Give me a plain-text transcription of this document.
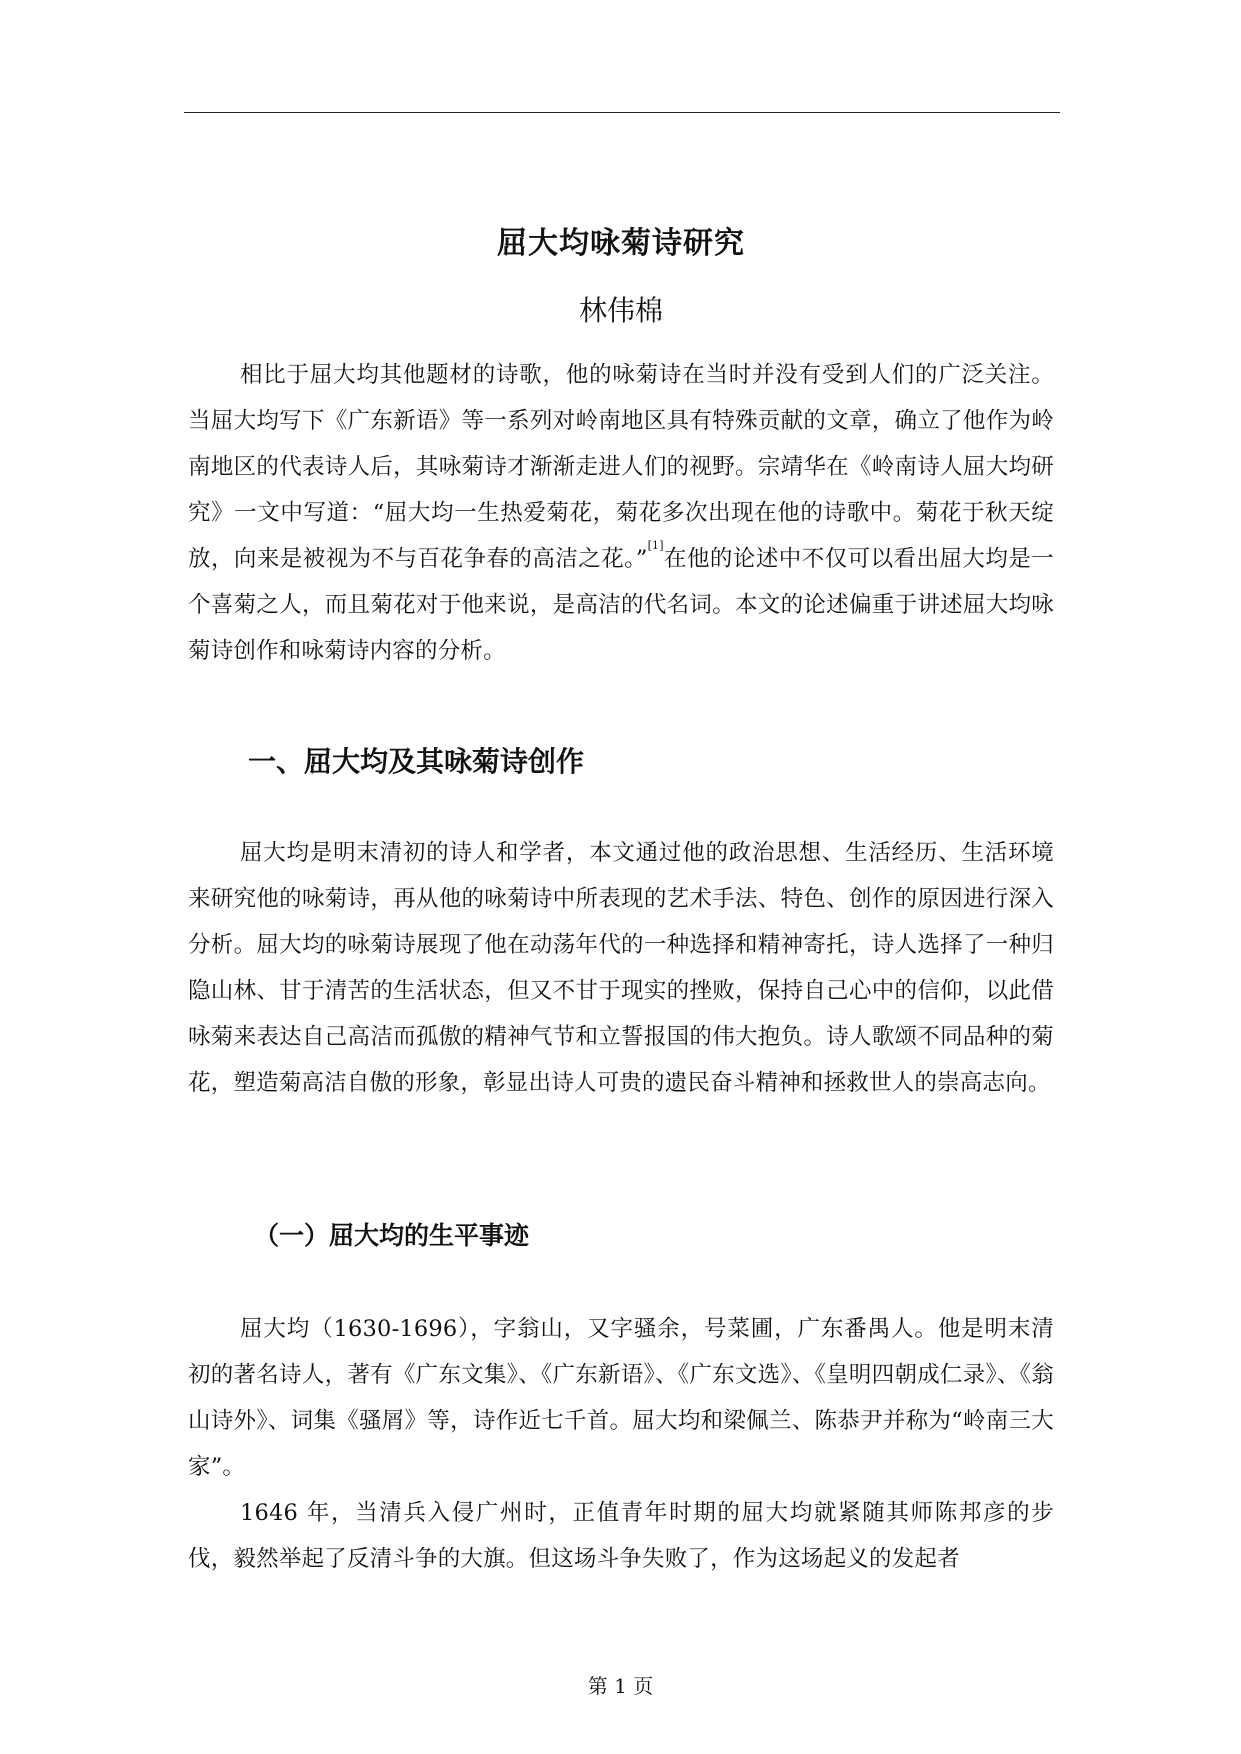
屈大均咏菊诗研究
林伟棉

相比于屈大均其他题材的诗歌，他的咏菊诗在当时并没有受到人们的广泛关注。当屈大均写下《广东新语》等一系列对岭南地区具有特殊贡献的文章，确立了他作为岭南地区的代表诗人后，其咏菊诗才渐渐走进人们的视野。宗靖华在《岭南诗人屈大均研究》一文中写道：“屈大均一生热爱菊花，菊花多次出现在他的诗歌中。菊花于秋天绽放，向来是被视为不与百花争春的高洁之花。”[1]在他的论述中不仅可以看出屈大均是一个喜菊之人，而且菊花对于他来说，是高洁的代名词。本文的论述偏重于讲述屈大均咏菊诗创作和咏菊诗内容的分析。

一、屈大均及其咏菊诗创作

屈大均是明末清初的诗人和学者，本文通过他的政治思想、生活经历、生活环境来研究他的咏菊诗，再从他的咏菊诗中所表现的艺术手法、特色、创作的原因进行深入分析。屈大均的咏菊诗展现了他在动荡年代的一种选择和精神寄托，诗人选择了一种归隐山林、甘于清苦的生活状态，但又不甘于现实的挫败，保持自己心中的信仰，以此借咏菊来表达自己高洁而孤傲的精神气节和立誓报国的伟大抱负。诗人歌颂不同品种的菊花，塑造菊高洁自傲的形象，彰显出诗人可贵的遗民奋斗精神和拯救世人的崇高志向。

（一）屈大均的生平事迹

屈大均（1630-1696），字翁山，又字骚余，号菜圃，广东番禺人。他是明末清初的著名诗人，著有《广东文集》、《广东新语》、《广东文选》、《皇明四朝成仁录》、《翁山诗外》、词集《骚屑》等，诗作近七千首。屈大均和梁佩兰、陈恭尹并称为“岭南三大家”。

1646 年，当清兵入侵广州时，正值青年时期的屈大均就紧随其师陈邦彦的步伐，毅然举起了反清斗争的大旗。但这场斗争失败了，作为这场起义的发起者

第 1 页
